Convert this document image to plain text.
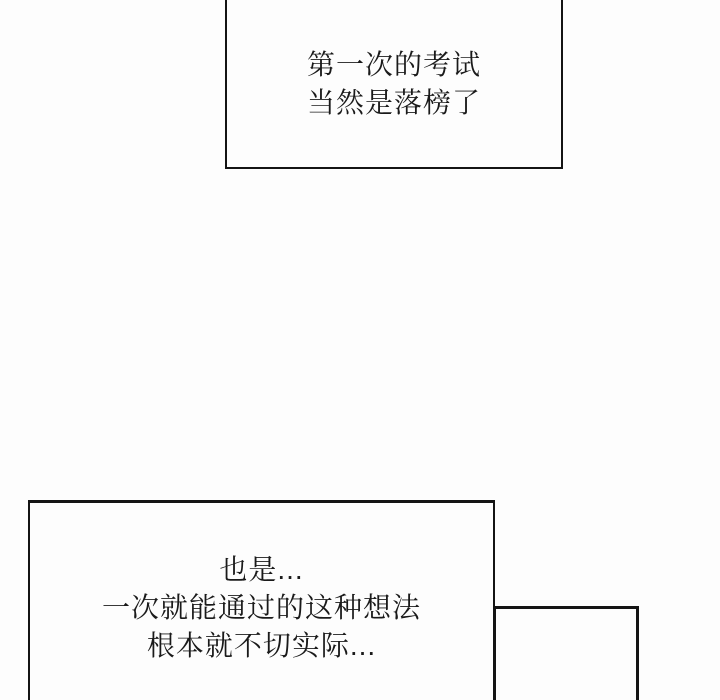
第一次的考试
当然是落榜了
也是...
一次就能通过的这种想法
根本就不切实际...
